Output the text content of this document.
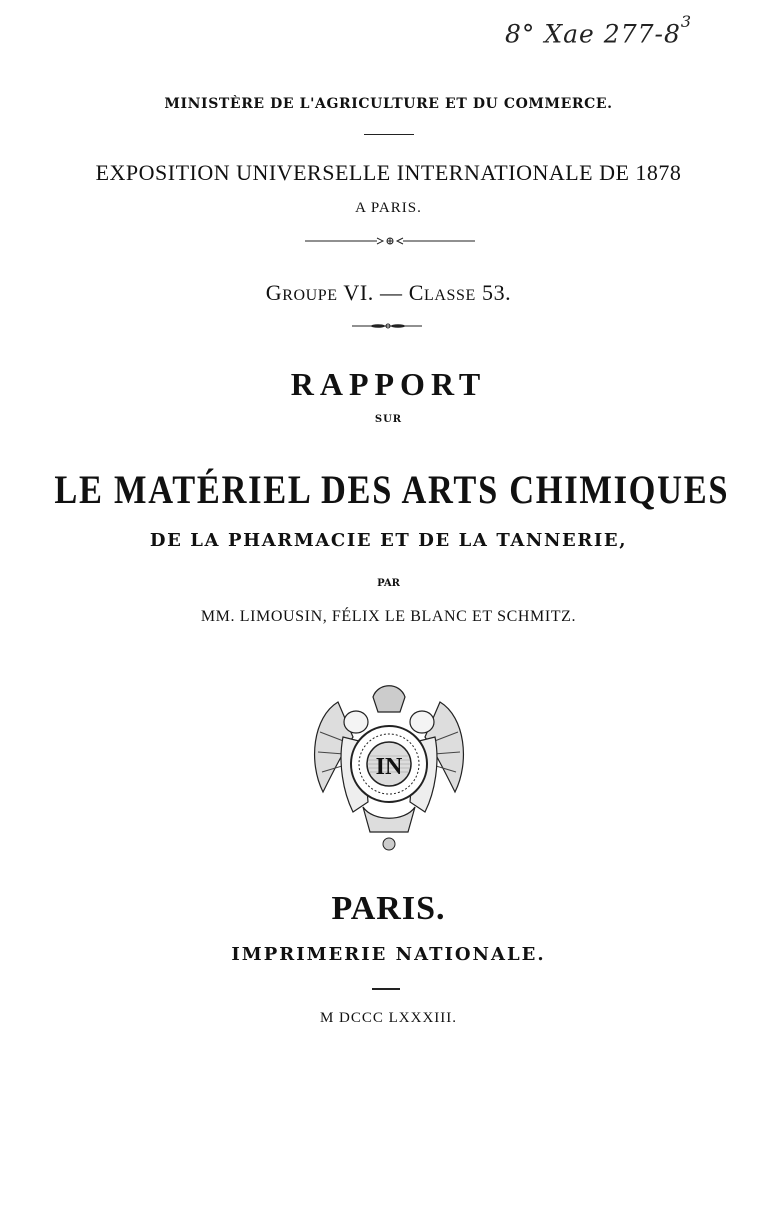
8° Xae $277-8^3$
MINISTÈRE DE L'AGRICULTURE ET DU COMMERCE.
EXPOSITION UNIVERSELLE INTERNATIONALE DE 1878
A PARIS.
GROUPE VI. — CLASSE 53.
RAPPORT
SUR
LE MATÉRIEL DES ARTS CHIMIQUES
DE LA PHARMACIE ET DE LA TANNERIE,
PAR
MM. LIMOUSIN, FÉLIX LE BLANC ET SCHMITZ.
IN
PARIS.
IMPRIMERIE NATIONALE.
M DCCC LXXXIII.
